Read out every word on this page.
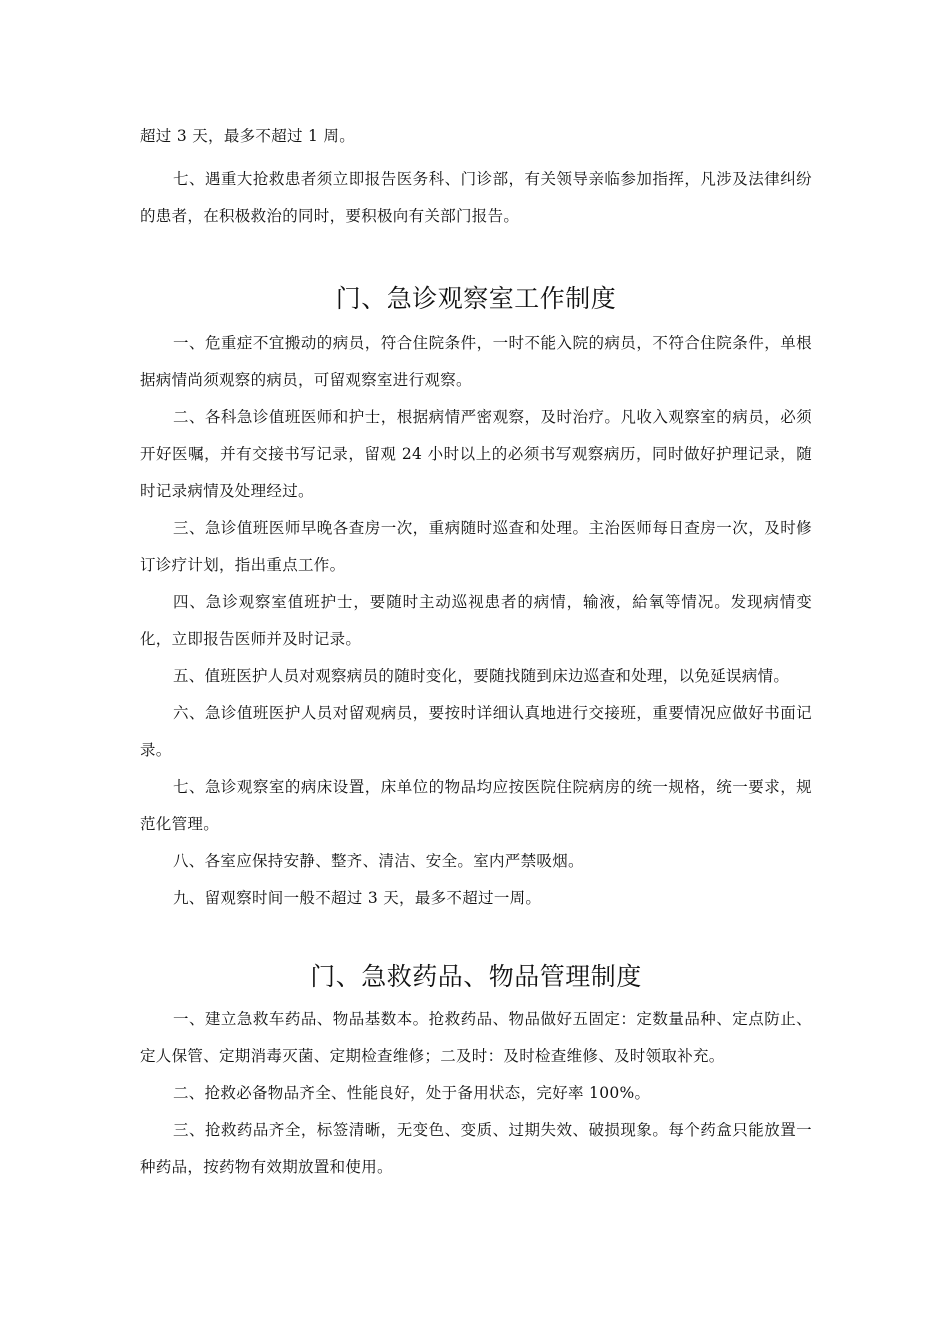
超过 3 天，最多不超过 1 周。

七、遇重大抢救患者须立即报告医务科、门诊部，有关领导亲临参加指挥，凡涉及法律纠纷的患者，在积极救治的同时，要积极向有关部门报告。

门、急诊观察室工作制度

一、危重症不宜搬动的病员，符合住院条件，一时不能入院的病员，不符合住院条件，单根据病情尚须观察的病员，可留观察室进行观察。

二、各科急诊值班医师和护士，根据病情严密观察，及时治疗。凡收入观察室的病员，必须开好医嘱，并有交接书写记录，留观 24 小时以上的必须书写观察病历，同时做好护理记录，随时记录病情及处理经过。

三、急诊值班医师早晚各查房一次，重病随时巡查和处理。主治医师每日查房一次，及时修订诊疗计划，指出重点工作。

四、急诊观察室值班护士，要随时主动巡视患者的病情，输液，給氧等情况。发现病情变化，立即报告医师并及时记录。

五、值班医护人员对观察病员的随时变化，要随找随到床边巡查和处理，以免延误病情。

六、急诊值班医护人员对留观病员，要按时详细认真地进行交接班，重要情况应做好书面记录。

七、急诊观察室的病床设置，床单位的物品均应按医院住院病房的统一规格，统一要求，规范化管理。

八、各室应保持安静、整齐、清洁、安全。室内严禁吸烟。

九、留观察时间一般不超过 3 天，最多不超过一周。

门、急救药品、物品管理制度

一、建立急救车药品、物品基数本。抢救药品、物品做好五固定：定数量品种、定点防止、定人保管、定期消毒灭菌、定期检查维修；二及时：及时检查维修、及时领取补充。

二、抢救必备物品齐全、性能良好，处于备用状态，完好率 100%。

三、抢救药品齐全，标签清晰，无变色、变质、过期失效、破损现象。每个药盒只能放置一种药品，按药物有效期放置和使用。
